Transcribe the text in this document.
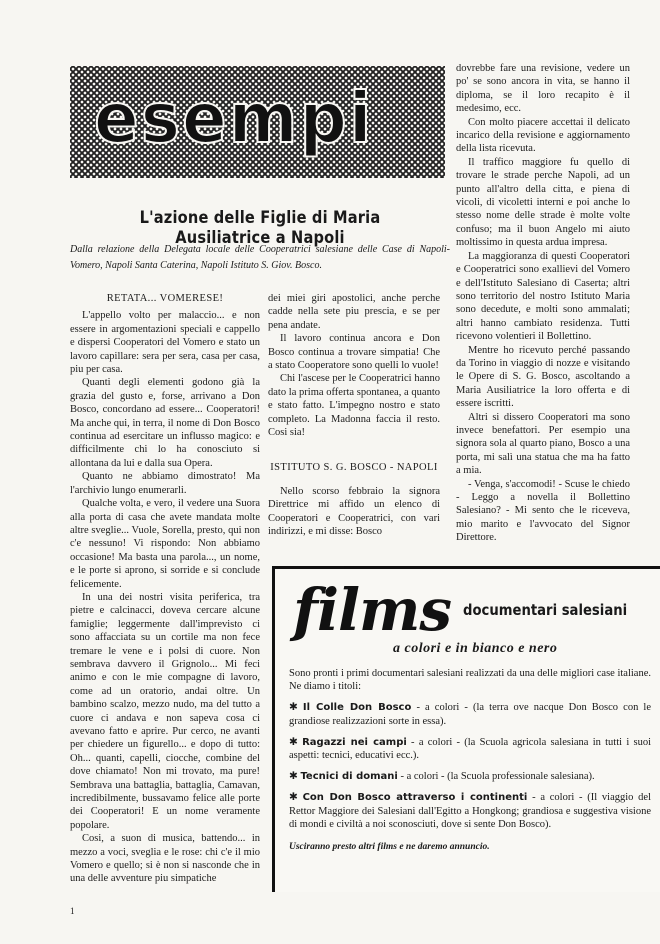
esempi
L'azione delle Figlie di Maria Ausiliatrice a Napoli
Dalla relazione della Delegata locale delle Cooperatrici salesiane delle Case di Napoli-Vomero, Napoli Santa Caterina, Napoli Istituto S. Giov. Bosco.
RETATA... VOMERESE!

L'appello volto per malaccio... e non essere in argomentazioni speciali e cappello e dispersi Cooperatori del Vomero e stato un lavoro capillare: sera per sera, casa per casa, piu per casa.

Quanti degli elementi godono già la grazia del gusto e, forse, arrivano a Don Bosco, concordano ad essere... Cooperatori! Ma anche qui, in terra, il nome di Don Bosco continua ad esercitare un influsso magico: e difficilmente chi lo ha conosciuto si allontana da lui e dalla sua Opera.

Quanto ne abbiamo dimostrato! Ma l'archivio lungo enumerarli.

Qualche volta, e vero, il vedere una Suora alla porta di casa che avete mandata molte altre sveglie... Vuole, Sorella, presto, qui non c'e nessuno! Vi rispondo: Non abbiamo occasione! Ma basta una parola..., un nome, e le porte si aprono, si sorride e si conclude felicemente.

In una dei nostri visita periferica, tra pietre e calcinacci, doveva cercare alcune famiglie; leggermente dall'imprevisto ci sono affacciata su un cortile ma non fece tremare le vene e i polsi di cuore. Non sembrava davvero il Grignolo... Mi feci animo e con le mie compagne di lavoro, come ad un oratorio, andai oltre. Un bambino scalzo, mezzo nudo, ma del tutto a cuore ci andava e non sapeva cosa ci avevano fatto e aprire. Pur cerco, ne avanti per chiedere un figurello... e dopo di tutto: Oh... quanti, capelli, ciocche, combine del dove chiamato! Non mi trovato, ma pure! Sembrava una battaglia, battaglia, Camavan, incredibilmente, bussavamo felice alle porte dei Cooperatori! E un nome veramente popolare.

Cosi, a suon di musica, battendo... in mezzo a voci, sveglia e le rose: chi c'e il mio Vomero e quello; si è non si nasconde che in una delle avventure piu simpatiche

dei miei giri apostolici, anche perche cadde nella sete piu prescia, e se per pena andate.

Il lavoro continua ancora e Don Bosco continua a trovare simpatia! Che a stato Cooperatore sono quelli lo vuole!

Chi l'ascese per le Cooperatrici hanno dato la prima offerta spontanea, a quanto e stato fatto. L'impegno nostro e stato completo. La Madonna faccia il resto. Cosi sia!

ISTITUTO S. G. BOSCO - NAPOLI

Nello scorso febbraio la signora Direttrice mi affido un elenco di Cooperatori e Cooperatrici, con vari indirizzi, e mi disse: Bosco

dovrebbe fare una revisione, vedere un po' se sono ancora in vita, se hanno il diploma, se il loro recapito è il medesimo, ecc.

Con molto piacere accettai il delicato incarico della revisione e aggiornamento della lista ricevuta.

Il traffico maggiore fu quello di trovare le strade perche Napoli, ad un punto all'altro della citta, e piena di vicoli, di vicoletti interni e poi anche lo stesso nome delle strade è molte volte confuso; ma il buon Angelo mi aiuto moltissimo in questa ardua impresa.

La maggioranza di questi Cooperatori e Cooperatrici sono exallievi del Vomero e dell'Istituto Salesiano di Caserta; altri sono territorio del nostro Istituto Maria sono decedute, e molti sono ammalati; altri hanno cambiato residenza. Tutti ricevono volentieri il Bollettino.

Mentre ho ricevuto perché passando da Torino in viaggio di nozze e visitando le Opere di S. G. Bosco, ascoltando a Maria Ausiliatrice la loro offerta e di essere iscritti.

Altri si dissero Cooperatori ma sono invece benefattori. Per esempio una signora sola al quarto piano, Bosco a una porta, mi salì una statua che ma ha fatto a mia.

- Venga, s'accomodi! - Scuse le chiedo - Leggo a novella il Bollettino Salesiano? - Mi sento che le riceveva, mio marito e l'avvocato del Signor Direttore.

films documentari salesiani
a colori e in bianco e nero
Sono pronti i primi documentari salesiani realizzati da una delle migliori case italiane. Ne diamo i titoli:
✱ Il Colle Don Bosco - a colori - (la terra ove nacque Don Bosco con le grandiose realizzazioni sorte in essa).
✱ Ragazzi nei campi - a colori - (la Scuola agricola salesiana in tutti i suoi aspetti: tecnici, educativi ecc.).
✱ Tecnici di domani - a colori - (la Scuola professionale salesiana).
✱ Con Don Bosco attraverso i continenti - a colori - (Il viaggio del Rettor Maggiore dei Salesiani dall'Egitto a Hongkong; grandiosa e suggestiva visione di mondi e civiltà a noi sconosciuti, dove si sente Don Bosco).
Usciranno presto altri films e ne daremo annuncio.
1
